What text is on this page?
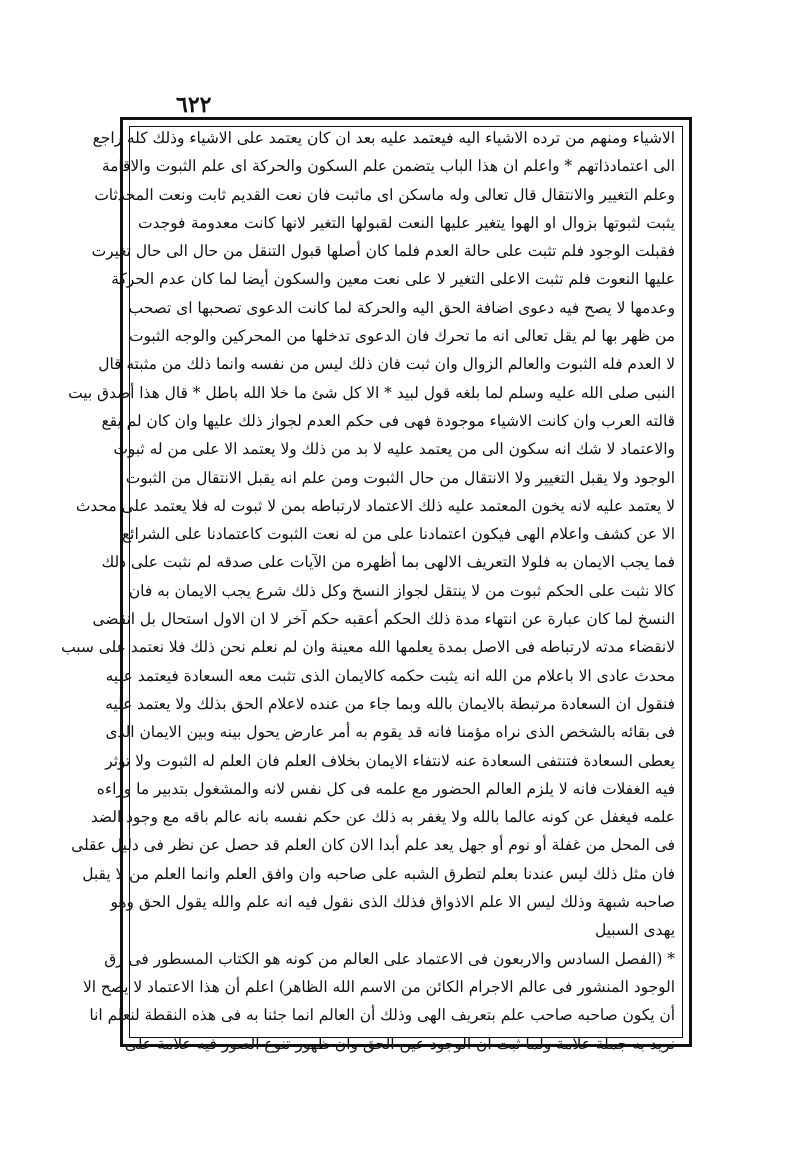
٦٢٢
الاشياء ومنهم من ترده الاشياء اليه فيعتمد عليه بعد ان كان يعتمد على الاشياء وذلك كله راجع
الى اعتمادذاتهم * واعلم ان هذا الباب يتضمن علم السكون والحركة اى علم الثبوت والاقامة
وعلم التغيير والانتقال قال تعالى وله ماسكن اى ماثبت فان نعت القديم ثابت ونعت المحدثات
يثبت لثبوتها بزوال او الهوا يتغير عليها النعت لقبولها التغير لانها كانت معدومة فوجدت
فقبلت الوجود فلم تثبت على حالة العدم فلما كان أصلها قبول التنقل من حال الى حال تغيرت
عليها النعوت فلم تثبت الاعلى التغير لا على نعت معين والسكون أيضا لما كان عدم الحركة
وعدمها لا يصح فيه دعوى اضافة الحق اليه والحركة لما كانت الدعوى تصحبها اى تصحب
من ظهر بها لم يقل تعالى انه ما تحرك فان الدعوى تدخلها من المحركين والوجه الثبوت
لا العدم فله الثبوت والعالم الزوال وان ثبت فان ذلك ليس من نفسه وانما ذلك من مثبته قال
النبى صلى الله عليه وسلم لما بلغه قول لبيد * الا كل شئ ما خلا الله باطل * قال هذا أصدق بيت
قالته العرب وان كانت الاشياء موجودة فهى فى حكم العدم لجواز ذلك عليها وان كان لم يقع
والاعتماد لا شك انه سكون الى من يعتمد عليه لا بد من ذلك ولا يعتمد الا على من له ثبوت
الوجود ولا يقبل التغيير ولا الانتقال من حال الثبوت ومن علم انه يقبل الانتقال من الثبوت
لا يعتمد عليه لانه يخون المعتمد عليه ذلك الاعتماد لارتباطه بمن لا ثبوت له فلا يعتمد على محدث
الا عن كشف واعلام الهى فيكون اعتمادنا على من له نعت الثبوت كاعتمادنا على الشرائع
فما يجب الايمان به فلولا التعريف الالهى بما أظهره من الآيات على صدقه لم نثبت على ذلك
كالا نثبت على الحكم ثبوت من لا ينتقل لجواز النسخ وكل ذلك شرع يجب الايمان به فان
النسخ لما كان عبارة عن انتهاء مدة ذلك الحكم أعقبه حكم آخر لا ان الاول استحال بل انقضى
لانقضاء مدته لارتباطه فى الاصل بمدة يعلمها الله معينة وان لم نعلم نحن ذلك فلا نعتمد على سبب
محدث عادى الا باعلام من الله انه يثبت حكمه كالايمان الذى تثبت معه السعادة فيعتمد عليه
فنقول ان السعادة مرتبطة بالايمان بالله وبما جاء من عنده لاعلام الحق بذلك ولا يعتمد عليه
فى بقائه بالشخص الذى نراه مؤمنا فانه قد يقوم به أمر عارض يحول بينه وبين الايمان الذى
يعطى السعادة فتنتفى السعادة عنه لانتفاء الايمان بخلاف العلم فان العلم له الثبوت ولا تؤثر
فيه الغفلات فانه لا يلزم العالم الحضور مع علمه فى كل نفس لانه والمشغول بتدبير ما وراءه
علمه فيغفل عن كونه عالما بالله ولا يغفر به ذلك عن حكم نفسه بانه عالم باقه مع وجود الضد
فى المحل من غفلة أو نوم أو جهل يعد علم أبدا الان كان العلم قد حصل عن نظر فى دليل عقلى
فان مثل ذلك ليس عندنا بعلم لتطرق الشبه على صاحبه وان وافق العلم وانما العلم من لا يقبل
صاحبه شبهة وذلك ليس الا علم الاذواق فذلك الذى نقول فيه انه علم والله يقول الحق وهو
يهدى السبيل
* (الفصل السادس والاربعون فى الاعتماد على العالم من كونه هو الكتاب المسطور فى رق
الوجود المنشور فى عالم الاجرام الكائن من الاسم الله الظاهر) اعلم أن هذا الاعتماد لا يصح الا
أن يكون صاحبه صاحب علم بتعريف الهى وذلك أن العالم انما جئنا به فى هذه النقطة لنعلم انا
نريد به جملة علامة ولما ثبت ان الوجود عين الحق وان ظهور تنوع الصور فيه علامة على
